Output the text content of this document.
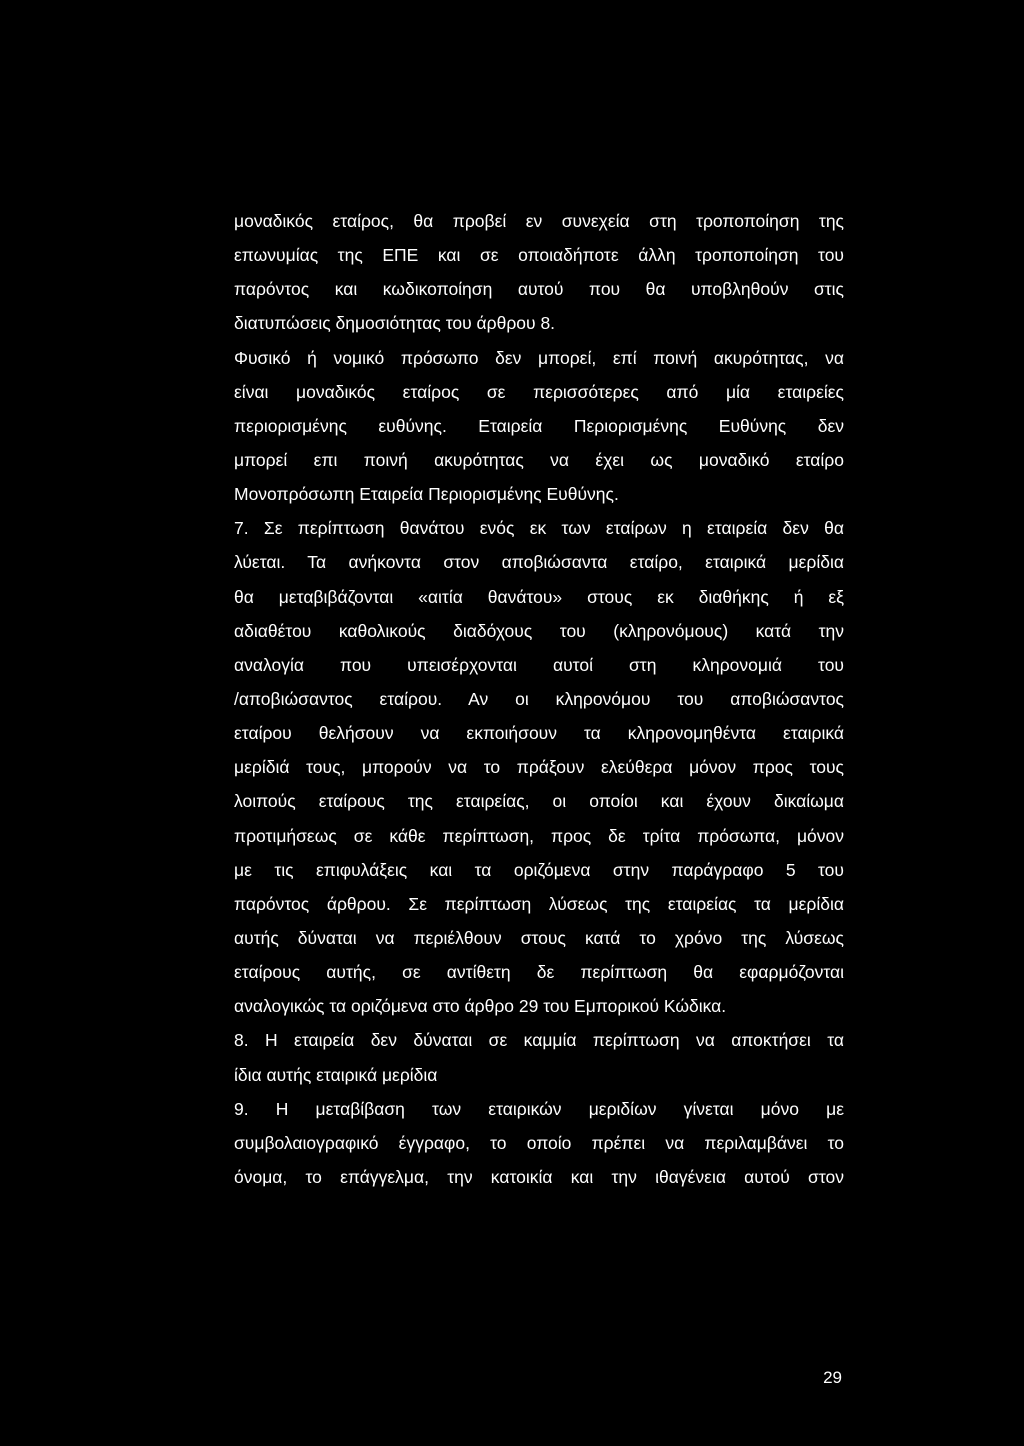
μοναδικός εταίρος, θα προβεί εν συνεχεία στη τροποποίηση της
επωνυμίας της ΕΠΕ και σε οποιαδήποτε άλλη τροποποίηση του
παρόντος και κωδικοποίηση αυτού που θα υποβληθούν στις
διατυπώσεις δημοσιότητας του άρθρου 8.
Φυσικό ή νομικό πρόσωπο δεν μπορεί, επί ποινή ακυρότητας, να
είναι μοναδικός εταίρος σε περισσότερες από μία εταιρείες
περιορισμένης ευθύνης. Εταιρεία Περιορισμένης Ευθύνης δεν
μπορεί επι ποινή ακυρότητας να έχει ως μοναδικό εταίρο
Μονοπρόσωπη Εταιρεία Περιορισμένης Ευθύνης.
7. Σε περίπτωση θανάτου ενός εκ των εταίρων η εταιρεία δεν θα
λύεται. Τα ανήκοντα στον αποβιώσαντα εταίρο, εταιρικά μερίδια
θα μεταβιβάζονται «αιτία θανάτου» στους εκ διαθήκης ή εξ
αδιαθέτου καθολικούς διαδόχους του (κληρονόμους) κατά την
αναλογία που υπεισέρχονται αυτοί στη κληρονομιά του
/αποβιώσαντος εταίρου. Αν οι κληρονόμου του αποβιώσαντος
εταίρου θελήσουν να εκποιήσουν τα κληρονομηθέντα εταιρικά
μερίδιά τους, μπορούν να το πράξουν ελεύθερα μόνον προς τους
λοιπούς εταίρους της εταιρείας, οι οποίοι και έχουν δικαίωμα
προτιμήσεως σε κάθε περίπτωση, προς δε τρίτα πρόσωπα, μόνον
με τις επιφυλάξεις και τα οριζόμενα στην παράγραφο 5 του
παρόντος άρθρου. Σε περίπτωση λύσεως της εταιρείας τα μερίδια
αυτής δύναται να περιέλθουν στους κατά το χρόνο της λύσεως
εταίρους αυτής, σε αντίθετη δε περίπτωση θα εφαρμόζονται
αναλογικώς τα οριζόμενα στο άρθρο 29 του Εμπορικού Κώδικα.
8. Η εταιρεία δεν δύναται σε καμμία περίπτωση να αποκτήσει τα
ίδια αυτής εταιρικά μερίδια
9. Η μεταβίβαση των εταιρικών μεριδίων γίνεται μόνο με
συμβολαιογραφικό έγγραφο, το οποίο πρέπει να περιλαμβάνει το
όνομα, το επάγγελμα, την κατοικία και την ιθαγένεια αυτού στον
29
